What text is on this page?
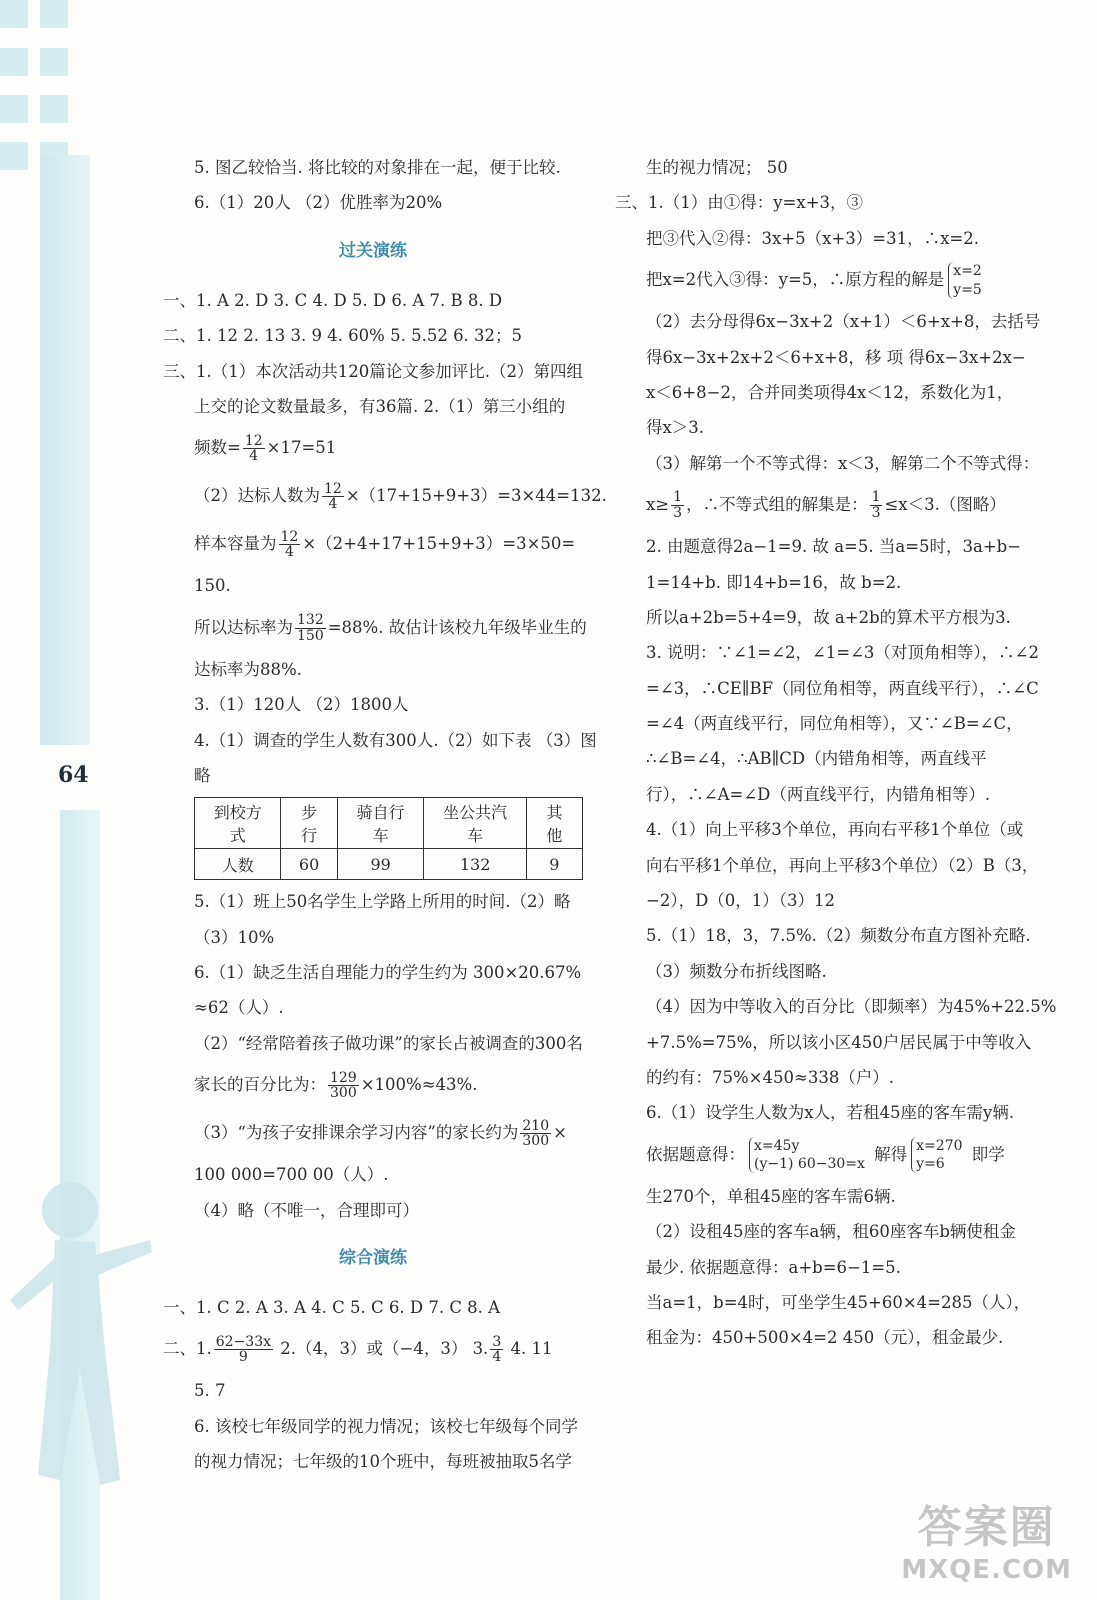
64
5. 图乙较恰当. 将比较的对象排在一起，便于比较.
6.（1）20人 （2）优胜率为20%
过关演练
一、1. A 2. D 3. C 4. D 5. D 6. A 7. B 8. D
二、1. 12 2. 13 3. 9 4. 60% 5. 5.52 6. 32；5
三、1.（1）本次活动共120篇论文参加评比.（2）第四组
上交的论文数量最多，有36篇. 2.（1）第三小组的
频数= $\frac{12}{4} \times 17=51$
（2）达标人数为 $\frac{12}{4} \times(17+15+9+3)=3\times 44=132$.
样本容量为 $\frac{12}{4} \times(2+4+17+15+9+3)=3\times 50=$
150.
所以达标率为 $\frac{132}{150} =88\%$. 故估计该校九年级毕业生的
达标率为88%.
3.（1）120人 （2）1800人
4.（1）调查的学生人数有300人.（2）如下表 （3）图
略
到校方式	步行	骑自行车	坐公共汽车	其他
人数	60	99	132	9
5.（1）班上50名学生上学路上所用的时间.（2）略
（3）10%
6.（1）缺乏生活自理能力的学生约为 300×20.67%
≈62（人）.
（2）“经常陪着孩子做功课”的家长占被调查的300名
家长的百分比为： $\frac{129}{300} \times 100\%\approx 43\%$.
（3）“为孩子安排课余学习内容”的家长约为 $\frac{210}{300}$ ×
100 000=700 00（人）.
（4）略（不唯一，合理即可）
综合演练
一、1. C 2. A 3. A 4. C 5. C 6. D 7. C 8. A
二、1. $\frac{62-33x}{9} 2.(4$，3）或（−4，3） 3. $\frac{3}{4} 4$. 11
5. 7
6. 该校七年级同学的视力情况；该校七年级每个同学
的视力情况；七年级的10个班中，每班被抽取5名学
生的视力情况； 50
三、1.（1）由①得：y=x+3，③
把③代入②得：3x+5（x+3）=31，∴x=2.
把x=2代入③得：y=5，∴原方程的解是 x=2
y=5
（2）去分母得6x−3x+2（x+1）＜6+x+8，去括号
得6x−3x+2x+2＜6+x+8，移 项 得6x−3x+2x−
x＜6+8−2，合并同类项得4x＜12，系数化为1，
得x＞3.
（3）解第一个不等式得：x＜3，解第二个不等式得：
$x\ge \frac{1}{3}$ ，∴不等式组的解集是： $\frac{1}{3} \le x<3$.（图略）
2. 由题意得2a−1=9. 故 a=5. 当a=5时，3a+b−
1=14+b. 即14+b=16，故 b=2.
所以a+2b=5+4=9，故 a+2b的算术平方根为3.
3. 说明：∵∠1=∠2，∠1=∠3（对顶角相等），∴∠2
=∠3，∴CE∥BF（同位角相等，两直线平行），∴∠C
=∠4（两直线平行，同位角相等），又∵∠B=∠C，
∴∠B=∠4，∴AB∥CD（内错角相等，两直线平
行），∴∠A=∠D（两直线平行，内错角相等）.
4.（1）向上平移3个单位，再向右平移1个单位（或
向右平移1个单位，再向上平移3个单位）（2）B（3，
−2），D（0，1）（3）12
5.（1）18，3，7.5%.（2）频数分布直方图补充略.
（3）频数分布折线图略.
（4）因为中等收入的百分比（即频率）为45%+22.5%
+7.5%=75%，所以该小区450户居民属于中等收入
的约有：75%×450≈338（户）.
6.（1）设学生人数为x人，若租45座的客车需y辆.
依据题意得： x=45y
(y−1) 60−30=x
解得 x=270
y=6
即学
生270个，单租45座的客车需6辆.
（2）设租45座的客车a辆，租60座客车b辆使租金
最少. 依据题意得：a+b=6−1=5.
当a=1，b=4时，可坐学生45+60×4=285（人），
租金为：450+500×4=2 450（元），租金最少.
答案圈
MXQE.COM
